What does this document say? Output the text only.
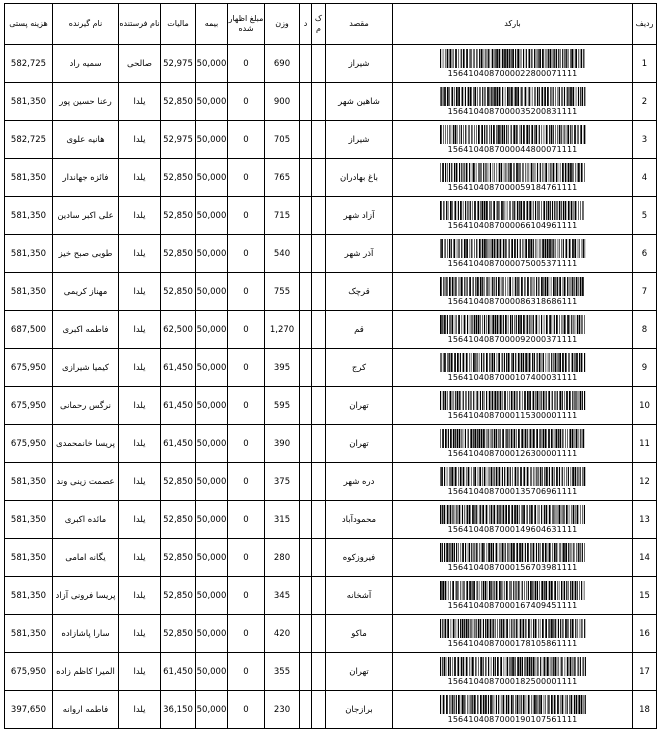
ردیف	بارکد	مقصد	ک م	د	وزن	مبلغ اظهار شده	بیمه	مالیات	نام فرستنده	نام گیرنده	هزینه پستی
1	1564104087000022800071111	شیراز			690	0	50,000	52,975	صالحی	سمیه راد	582,725
2	1564104087000035200831111	شاهین شهر			900	0	50,000	52,850	یلدا	رعنا حسین پور	581,350
3	1564104087000044800071111	شیراز			705	0	50,000	52,975	یلدا	هانیه علوی	582,725
4	1564104087000059184761111	باغ بهادران			765	0	50,000	52,850	یلدا	فائزه جهاندار	581,350
5	1564104087000066104961111	آزاد شهر			715	0	50,000	52,850	یلدا	علی اکبر سادین	581,350
6	1564104087000075005371111	آذر شهر			540	0	50,000	52,850	یلدا	طوبی صبح خیز	581,350
7	1564104087000086318686111	قرچک			755	0	50,000	52,850	یلدا	مهناز کریمی	581,350
8	1564104087000092000371111	قم			1,270	0	50,000	62,500	یلدا	فاطمه اکبری	687,500
9	1564104087000107400031111	کرج			395	0	50,000	61,450	یلدا	کیمیا شیرازی	675,950
10	1564104087000115300001111	تهران			595	0	50,000	61,450	یلدا	نرگس رحمانی	675,950
11	1564104087000126300001111	تهران			390	0	50,000	61,450	یلدا	پریسا خانمحمدی	675,950
12	1564104087000135706961111	دره شهر			375	0	50,000	52,850	یلدا	عصمت زینی وند	581,350
13	1564104087000149604631111	محمودآباد			315	0	50,000	52,850	یلدا	مائده اکبری	581,350
14	1564104087000156703981111	فیروزکوه			280	0	50,000	52,850	یلدا	یگانه امامی	581,350
15	1564104087000167409451111	آشخانه			345	0	50,000	52,850	یلدا	پریسا فرونی آزاد	581,350
16	1564104087000178105861111	ماکو			420	0	50,000	52,850	یلدا	سارا پاشازاده	581,350
17	1564104087000182500001111	تهران			355	0	50,000	61,450	یلدا	المیرا کاظم زاده	675,950
18	1564104087000190107561111	برازجان			230	0	50,000	36,150	یلدا	فاطمه اروانه	397,650
